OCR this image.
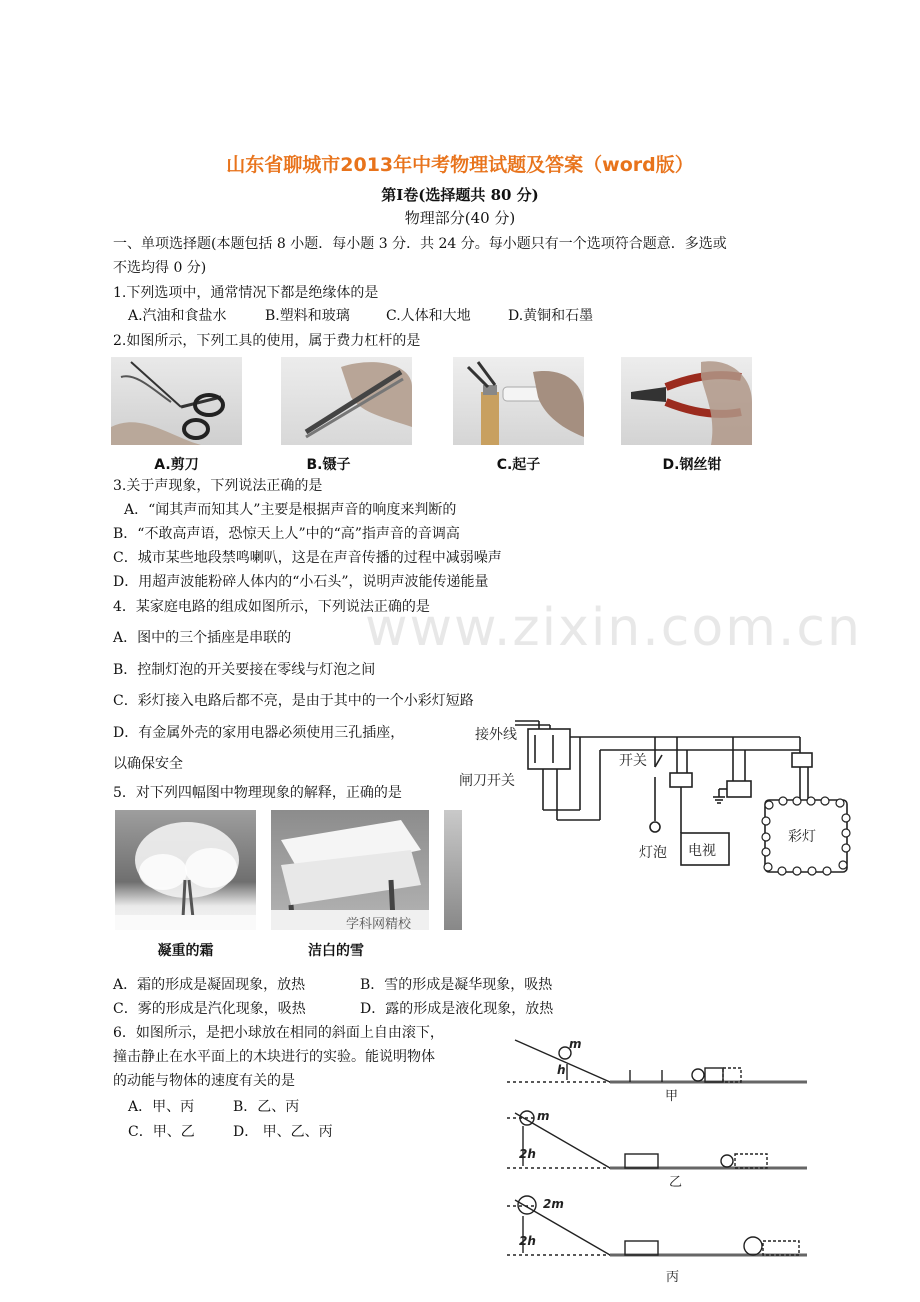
山东省聊城市2013年中考物理试题及答案（word版）
第Ⅰ卷(选择题共 80 分)
物理部分(40 分)
一、单项选择题(本题包括 8 小题．每小题 3 分．共 24 分。每小题只有一个选项符合题意．多选或
不选均得 0 分)
1.下列选项中，通常情况下都是绝缘体的是
A.汽油和食盐水	B.塑料和玻璃	C.人体和大地	D.黄铜和石墨
2.如图所示，下列工具的使用，属于费力杠杆的是
A.剪刀	B.镊子	C.起子	D.钢丝钳
3.关于声现象，下列说法正确的是
A．“闻其声而知其人”主要是根据声音的响度来判断的
B．“不敢高声语，恐惊天上人”中的“高”指声音的音调高
C．城市某些地段禁鸣喇叭，这是在声音传播的过程中减弱噪声
D．用超声波能粉碎人体内的“小石头”，说明声波能传递能量
4．某家庭电路的组成如图所示，下列说法正确的是
A．图中的三个插座是串联的
B．控制灯泡的开关要接在零线与灯泡之间
C．彩灯接入电路后都不亮，是由于其中的一个小彩灯短路
D．有金属外壳的家用电器必须使用三孔插座，
以确保安全
接外线
闸刀开关
开关
灯泡 电视
彩灯
5．对下列四幅图中物理现象的解释，正确的是
凝重的霜
学科网精校
洁白的雪
A．霜的形成是凝固现象，放热	B．雪的形成是凝华现象，吸热
C．雾的形成是汽化现象，吸热	D．露的形成是液化现象，放热
6．如图所示，是把小球放在相同的斜面上自由滚下，
撞击静止在水平面上的木块进行的实验。能说明物体
的动能与物体的速度有关的是
A．甲、丙	B．乙、丙
C．甲、乙	D． 甲、乙、丙
m
h
甲
m
2h
乙
2m
2h
丙
www.zixin.com.cn
